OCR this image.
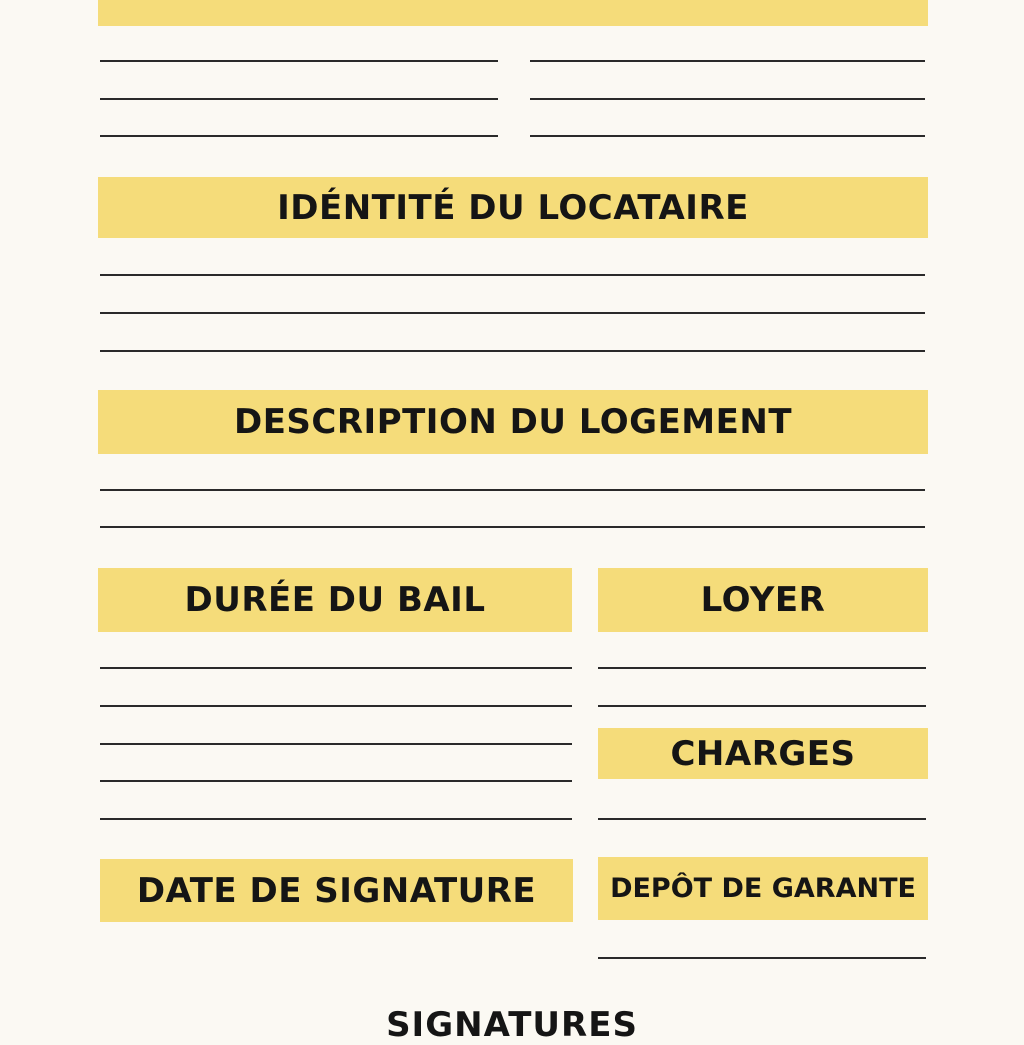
IDÉNTITÉ DU LOCATAIRE
DESCRIPTION DU LOGEMENT
DURÉE DU BAIL	LOYER
CHARGES
DATE DE SIGNATURE	DEPÔT DE GARANTE
SIGNATURES
